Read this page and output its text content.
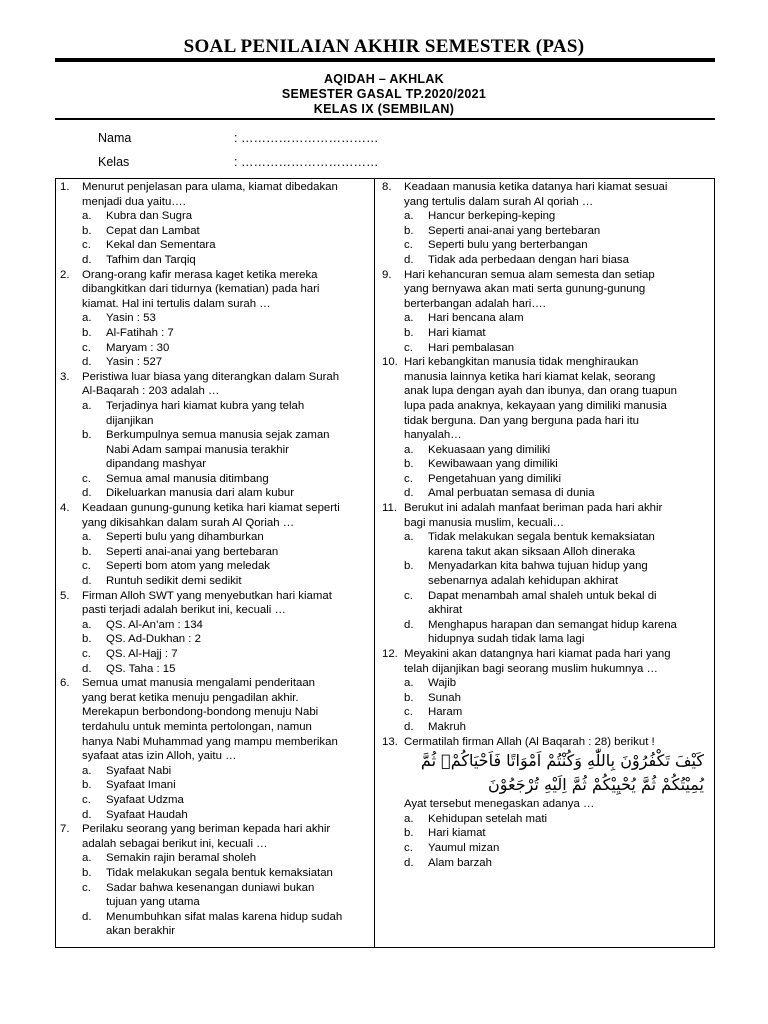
SOAL PENILAIAN AKHIR SEMESTER (PAS)
AQIDAH – AKHLAK
SEMESTER GASAL TP.2020/2021
KELAS IX (SEMBILAN)
Nama	: ……………………………
Kelas	: ……………………………
1. Menurut penjelasan para ulama, kiamat dibedakan
menjadi dua yaitu….
a. Kubra dan Sugra
b. Cepat dan Lambat
c. Kekal dan Sementara
d. Tafhim dan Tarqiq
2. Orang-orang kafir merasa kaget ketika mereka
dibangkitkan dari tidurnya (kematian) pada hari
kiamat. Hal ini tertulis dalam surah …
a. Yasin : 53
b. Al-Fatihah : 7
c. Maryam : 30
d. Yasin : 527
3. Peristiwa luar biasa yang diterangkan dalam Surah
Al-Baqarah : 203 adalah …
a. Terjadinya hari kiamat kubra yang telah
dijanjikan
b. Berkumpulnya semua manusia sejak zaman
Nabi Adam sampai manusia terakhir
dipandang mashyar
c. Semua amal manusia ditimbang
d. Dikeluarkan manusia dari alam kubur
4. Keadaan gunung-gunung ketika hari kiamat seperti
yang dikisahkan dalam surah Al Qoriah …
a. Seperti bulu yang dihamburkan
b. Seperti anai-anai yang bertebaran
c. Seperti bom atom yang meledak
d. Runtuh sedikit demi sedikit
5. Firman Alloh SWT yang menyebutkan hari kiamat
pasti terjadi adalah berikut ini, kecuali …
a. QS. Al-An’am : 134
b. QS. Ad-Dukhan : 2
c. QS. Al-Hajj : 7
d. QS. Taha : 15
6. Semua umat manusia mengalami penderitaan
yang berat ketika menuju pengadilan akhir.
Merekapun berbondong-bondong menuju Nabi
terdahulu untuk meminta pertolongan, namun
hanya Nabi Muhammad yang mampu memberikan
syafaat atas izin Alloh, yaitu …
a. Syafaat Nabi
b. Syafaat Imani
c. Syafaat Udzma
d. Syafaat Haudah
7. Perilaku seorang yang beriman kepada hari akhir
adalah sebagai berikut ini, kecuali …
a. Semakin rajin beramal sholeh
b. Tidak melakukan segala bentuk kemaksiatan
c. Sadar bahwa kesenangan duniawi bukan
tujuan yang utama
d. Menumbuhkan sifat malas karena hidup sudah
akan berakhir
8. Keadaan manusia ketika datanya hari kiamat sesuai
yang tertulis dalam surah Al qoriah …
a. Hancur berkeping-keping
b. Seperti anai-anai yang bertebaran
c. Seperti bulu yang berterbangan
d. Tidak ada perbedaan dengan hari biasa
9. Hari kehancuran semua alam semesta dan setiap
yang bernyawa akan mati serta gunung-gunung
berterbangan adalah hari….
a. Hari bencana alam
b. Hari kiamat
c. Hari pembalasan
10. Hari kebangkitan manusia tidak menghiraukan
manusia lainnya ketika hari kiamat kelak, seorang
anak lupa dengan ayah dan ibunya, dan orang tuapun
lupa pada anaknya, kekayaan yang dimiliki manusia
tidak berguna. Dan yang berguna pada hari itu
hanyalah…
a. Kekuasaan yang dimiliki
b. Kewibawaan yang dimiliki
c. Pengetahuan yang dimiliki
d. Amal perbuatan semasa di dunia
11. Berukut ini adalah manfaat beriman pada hari akhir
bagi manusia muslim, kecuali…
a. Tidak melakukan segala bentuk kemaksiatan
karena takut akan siksaan Alloh dineraka
b. Menyadarkan kita bahwa tujuan hidup yang
sebenarnya adalah kehidupan akhirat
c. Dapat menambah amal shaleh untuk bekal di
akhirat
d. Menghapus harapan dan semangat hidup karena
hidupnya sudah tidak lama lagi
12. Meyakini akan datangnya hari kiamat pada hari yang
telah dijanjikan bagi seorang muslim hukumnya …
a. Wajib
b. Sunah
c. Haram
d. Makruh
13. Cermatilah firman Allah (Al Baqarah : 28) berikut !
كَيْفَ تَكْفُرُوْنَ بِاللّٰهِ وَكُنْتُمْ اَمْوَاتًا فَاَحْيَاكُمْۚ ثُمَّ
يُمِيْتُكُمْ ثُمَّ يُحْيِيْكُمْ ثُمَّ اِلَيْهِ تُرْجَعُوْنَ
Ayat tersebut menegaskan adanya …
a. Kehidupan setelah mati
b. Hari kiamat
c. Yaumul mizan
d. Alam barzah
